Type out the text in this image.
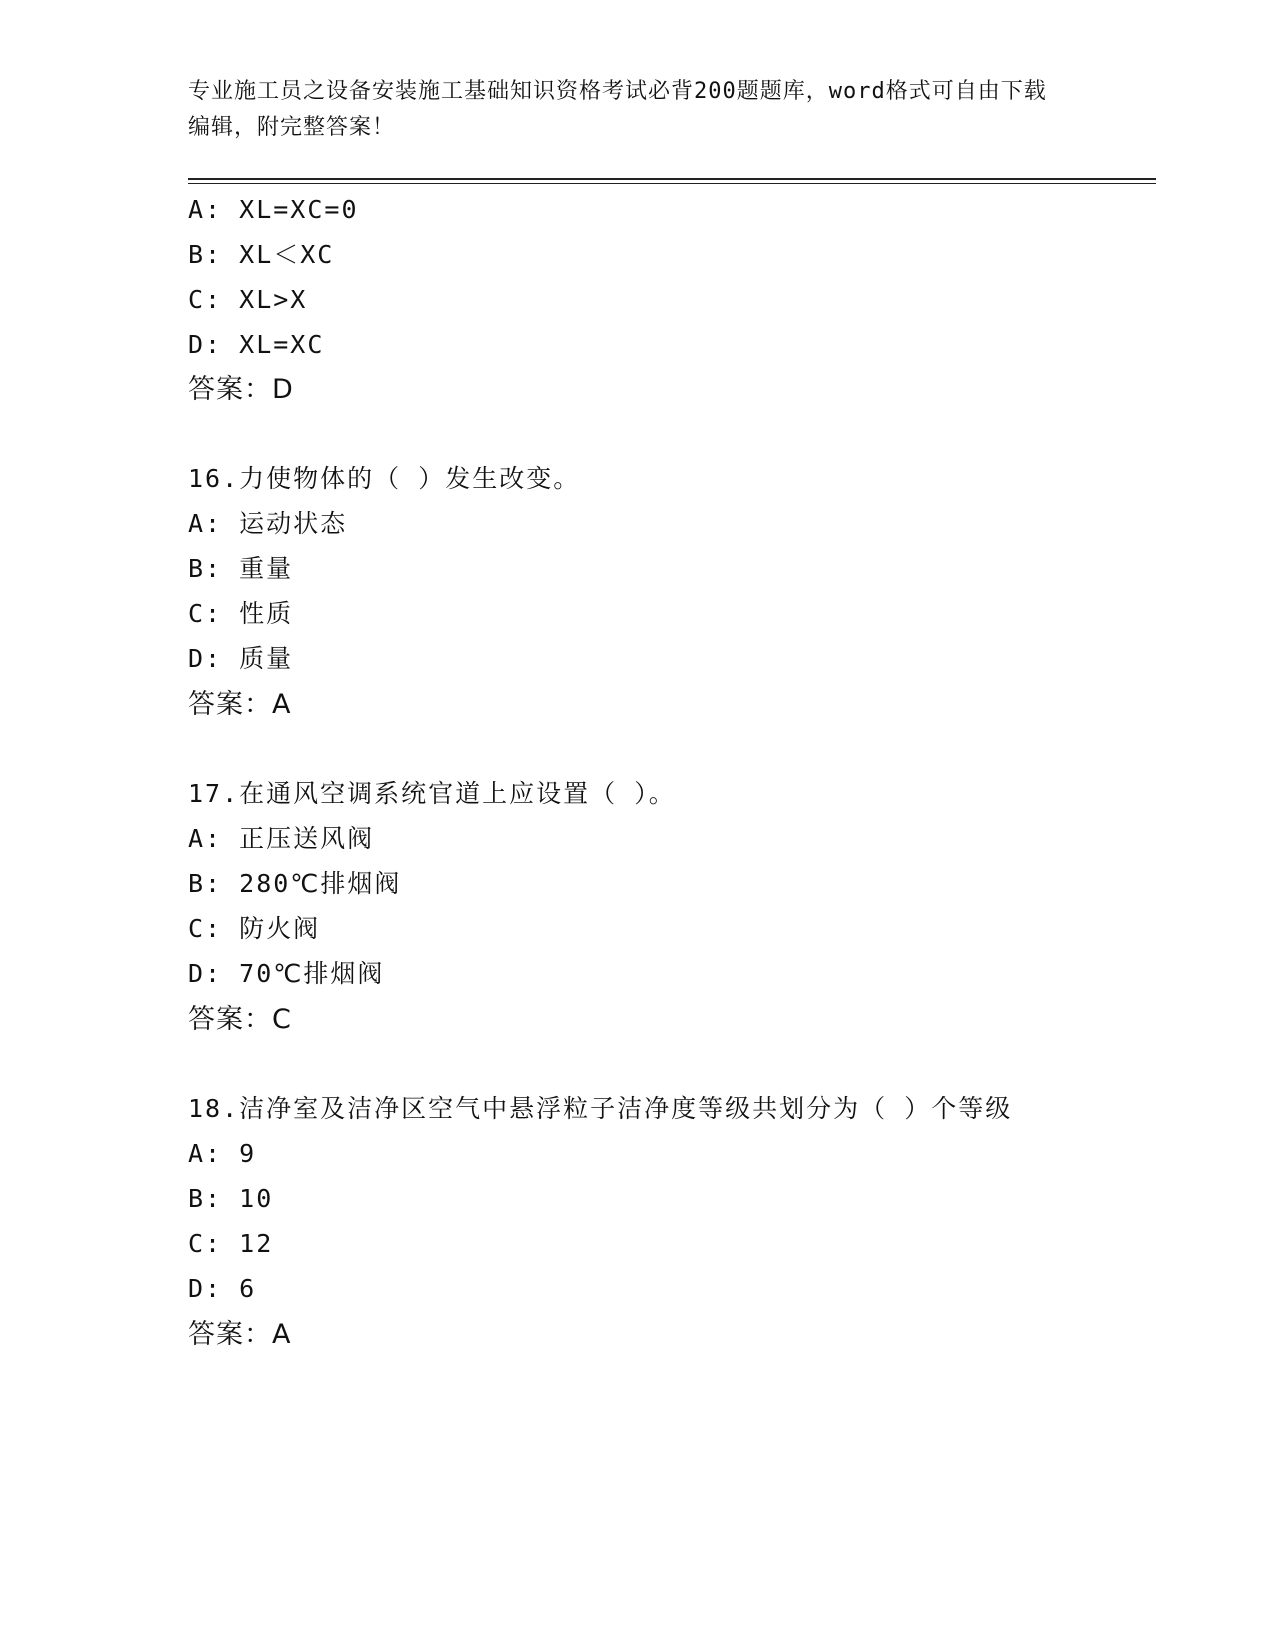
专业施工员之设备安装施工基础知识资格考试必背200题题库，word格式可自由下载编辑，附完整答案！
A: XL=XC=0
B: XL＜XC
C: XL>X
D: XL=XC
答案：D
16.力使物体的（ ）发生改变。
A: 运动状态
B: 重量
C: 性质
D: 质量
答案：A
17.在通风空调系统官道上应设置（ ）。
A: 正压送风阀
B: 280℃排烟阀
C: 防火阀
D: 70℃排烟阀
答案：C
18.洁净室及洁净区空气中悬浮粒子洁净度等级共划分为（ ）个等级
A: 9
B: 10
C: 12
D: 6
答案：A
